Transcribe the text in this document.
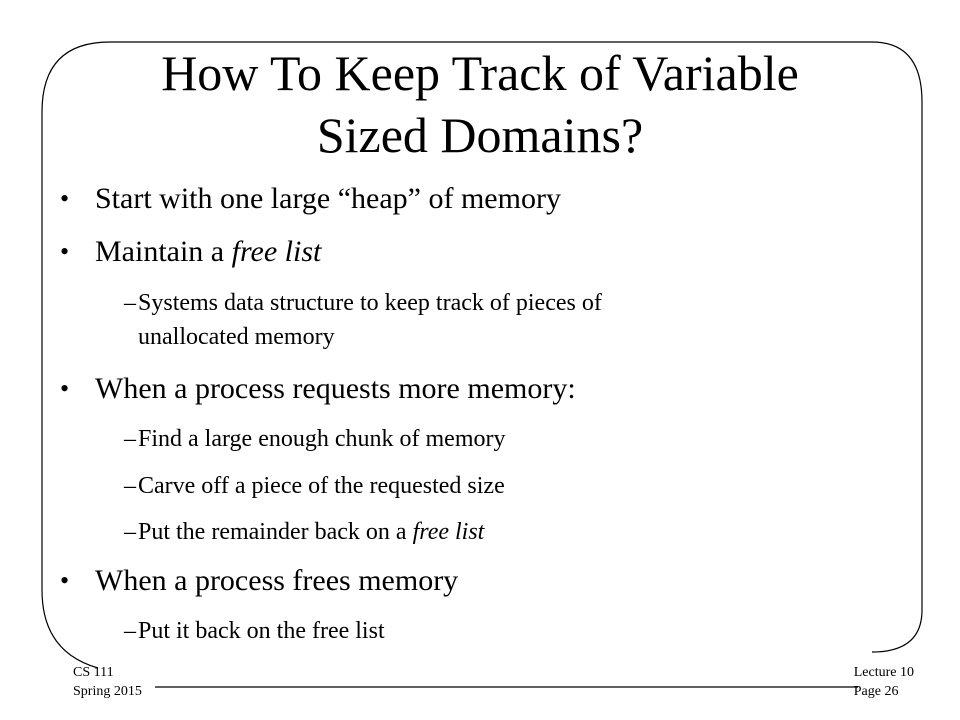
How To Keep Track of Variable
Sized Domains?
• Start with one large “heap” of memory
• Maintain a free list
– Systems data structure to keep track of pieces of
unallocated memory
• When a process requests more memory:
– Find a large enough chunk of memory
– Carve off a piece of the requested size
– Put the remainder back on a free list
• When a process frees memory
– Put it back on the free list
CS 111
Spring 2015
Lecture 10
Page 26
